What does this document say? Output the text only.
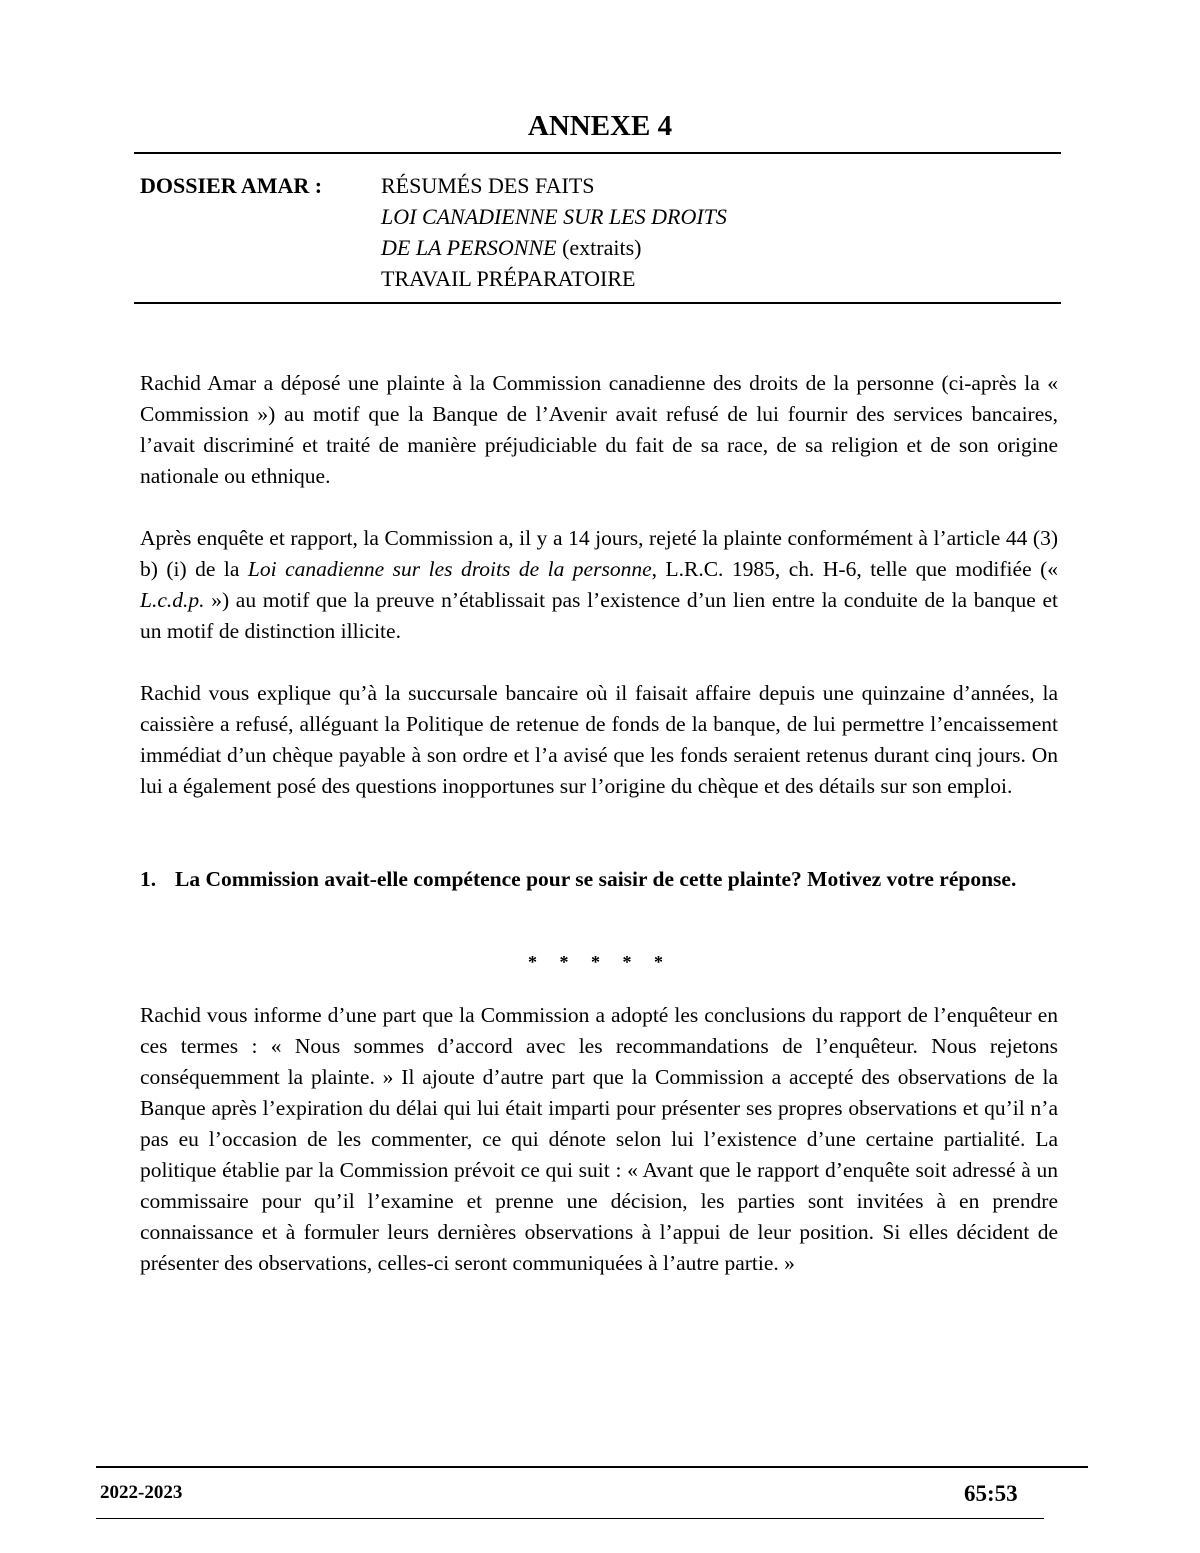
ANNEXE 4
DOSSIER AMAR :	RÉSUMÉS DES FAITS
LOI CANADIENNE SUR LES DROITS
DE LA PERSONNE (extraits)
TRAVAIL PRÉPARATOIRE

Rachid Amar a déposé une plainte à la Commission canadienne des droits de la personne (ci-après la « Commission ») au motif que la Banque de l’Avenir avait refusé de lui fournir des services bancaires, l’avait discriminé et traité de manière préjudiciable du fait de sa race, de sa religion et de son origine nationale ou ethnique.

Après enquête et rapport, la Commission a, il y a 14 jours, rejeté la plainte conformément à l’article 44 (3) b) (i) de la Loi canadienne sur les droits de la personne, L.R.C. 1985, ch. H-6, telle que modifiée (« L.c.d.p. ») au motif que la preuve n’établissait pas l’existence d’un lien entre la conduite de la banque et un motif de distinction illicite.

Rachid vous explique qu’à la succursale bancaire où il faisait affaire depuis une quinzaine d’années, la caissière a refusé, alléguant la Politique de retenue de fonds de la banque, de lui permettre l’encaissement immédiat d’un chèque payable à son ordre et l’a avisé que les fonds seraient retenus durant cinq jours. On lui a également posé des questions inopportunes sur l’origine du chèque et des détails sur son emploi.

1. La Commission avait-elle compétence pour se saisir de cette plainte? Motivez votre réponse.
* * * * *

Rachid vous informe d’une part que la Commission a adopté les conclusions du rapport de l’enquêteur en ces termes : « Nous sommes d’accord avec les recommandations de l’enquêteur. Nous rejetons conséquemment la plainte. » Il ajoute d’autre part que la Commission a accepté des observations de la Banque après l’expiration du délai qui lui était imparti pour présenter ses propres observations et qu’il n’a pas eu l’occasion de les commenter, ce qui dénote selon lui l’existence d’une certaine partialité. La politique établie par la Commission prévoit ce qui suit : « Avant que le rapport d’enquête soit adressé à un commissaire pour qu’il l’examine et prenne une décision, les parties sont invitées à en prendre connaissance et à formuler leurs dernières observations à l’appui de leur position. Si elles décident de présenter des observations, celles-ci seront communiquées à l’autre partie. »

2022-2023	65:53
